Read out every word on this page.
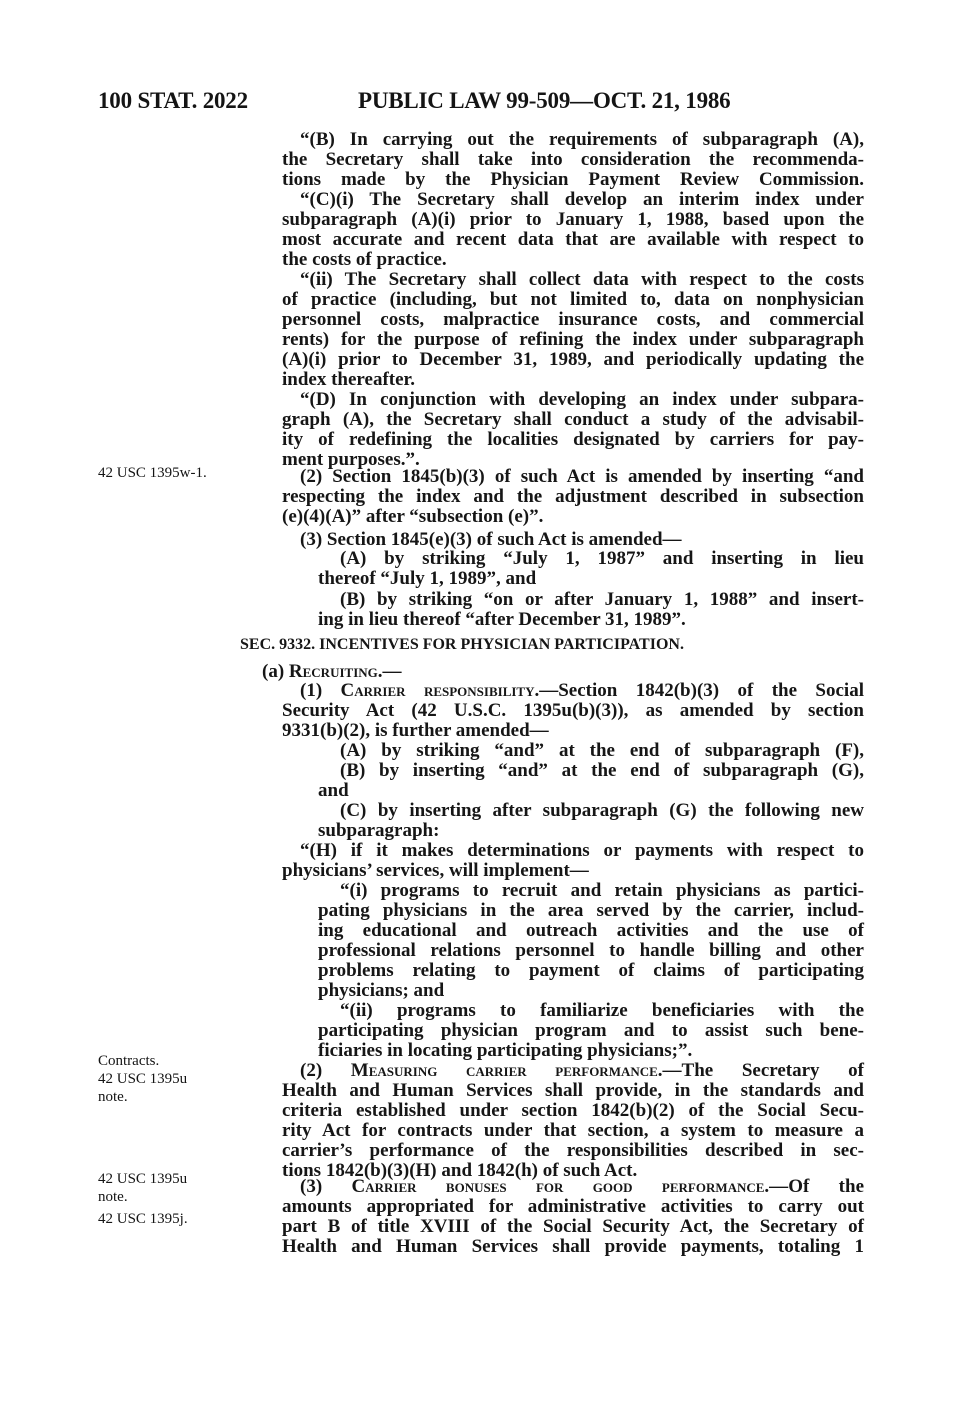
100 STAT. 2022	PUBLIC LAW 99-509—OCT. 21, 1986
42 USC 1395w-1.
Contracts.
42 USC 1395u
note.
42 USC 1395u
note.
42 USC 1395j.
“(B) In carrying out the requirements of subparagraph (A),
the Secretary shall take into consideration the recommenda-
tions made by the Physician Payment Review Commission.
“(C)(i) The Secretary shall develop an interim index under
subparagraph (A)(i) prior to January 1, 1988, based upon the
most accurate and recent data that are available with respect to
the costs of practice.
“(ii) The Secretary shall collect data with respect to the costs
of practice (including, but not limited to, data on nonphysician
personnel costs, malpractice insurance costs, and commercial
rents) for the purpose of refining the index under subparagraph
(A)(i) prior to December 31, 1989, and periodically updating the
index thereafter.
“(D) In conjunction with developing an index under subpara-
graph (A), the Secretary shall conduct a study of the advisabil-
ity of redefining the localities designated by carriers for pay-
ment purposes.”.
(2) Section 1845(b)(3) of such Act is amended by inserting “and
respecting the index and the adjustment described in subsection
(e)(4)(A)” after “subsection (e)”.
(3) Section 1845(e)(3) of such Act is amended—
(A) by striking “July 1, 1987” and inserting in lieu
thereof “July 1, 1989”, and
(B) by striking “on or after January 1, 1988” and insert-
ing in lieu thereof “after December 31, 1989”.
SEC. 9332. INCENTIVES FOR PHYSICIAN PARTICIPATION.
(a) Recruiting.—
(1) Carrier responsibility.—Section 1842(b)(3) of the Social
Security Act (42 U.S.C. 1395u(b)(3)), as amended by section
9331(b)(2), is further amended—
(A) by striking “and” at the end of subparagraph (F),
(B) by inserting “and” at the end of subparagraph (G),
and
(C) by inserting after subparagraph (G) the following new
subparagraph:
“(H) if it makes determinations or payments with respect to
physicians’ services, will implement—
“(i) programs to recruit and retain physicians as partici-
pating physicians in the area served by the carrier, includ-
ing educational and outreach activities and the use of
professional relations personnel to handle billing and other
problems relating to payment of claims of participating
physicians; and
“(ii) programs to familiarize beneficiaries with the
participating physician program and to assist such bene-
ficiaries in locating participating physicians;”.
(2) Measuring carrier performance.—The Secretary of
Health and Human Services shall provide, in the standards and
criteria established under section 1842(b)(2) of the Social Secu-
rity Act for contracts under that section, a system to measure a
carrier’s performance of the responsibilities described in sec-
tions 1842(b)(3)(H) and 1842(h) of such Act.
(3) Carrier bonuses for good performance.—Of the
amounts appropriated for administrative activities to carry out
part B of title XVIII of the Social Security Act, the Secretary of
Health and Human Services shall provide payments, totaling 1
